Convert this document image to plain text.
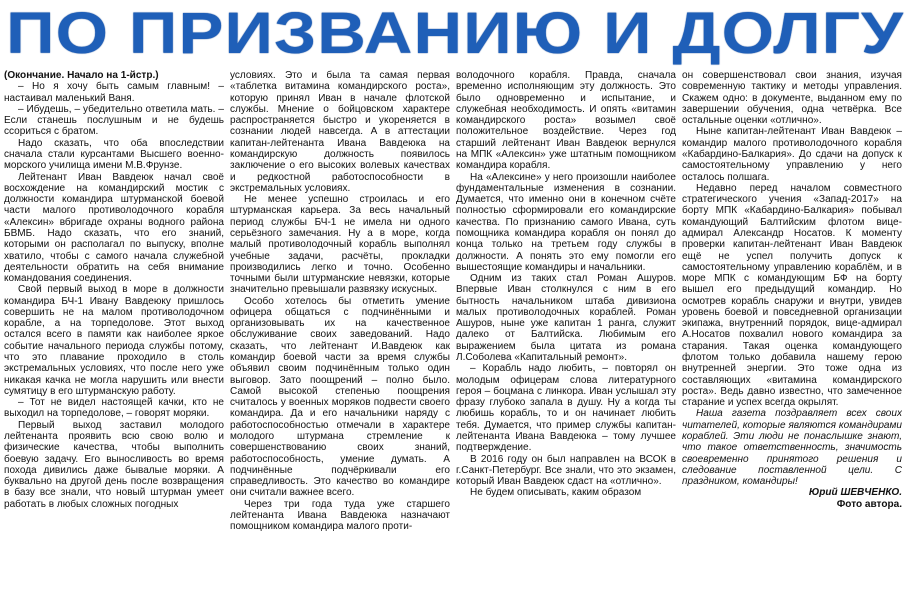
ПО ПРИЗВАНИЮ И ДОЛГУ

(Окончание. Начало на 1-йстр.)

– Но я хочу быть самым главным! – настаивал маленький Ваня.

– Ибудешь, – убедительно ответила мать. – Если станешь послушным и не будешь ссориться с братом.

Надо сказать, что оба впоследствии сначала стали курсантами Высшего военно-морского училища имени М.В.Фрунзе.

Лейтенант Иван Вавдеюк начал своё восхождение на командирский мостик с должности командира штурманской боевой части малого противолодочного корабля «Алексин» вбригаде охраны водного района БВМБ. Надо сказать, что его знаний, которыми он располагал по выпуску, вполне хватило, чтобы с самого начала служебной деятельности обратить на себя внимание командования соединения.

Свой первый выход в море в должности командира БЧ-1 Ивану Вавдеюку пришлось совершить не на малом противолодочном корабле, а на торпедоловe. Этот выход остался всего в памяти как наиболее яркое событие начального периода службы потому, что это плавание проходило в столь экстремальных условиях, что после него уже никакая качка не могла нарушить или внести сумятицу в его штурманскую работу.

– Тот не видел настоящей качки, кто не выходил на торпедолове, – говорят моряки.

Первый выход заставил молодого лейтенанта проявить всю свою волю и физические качества, чтобы выполнить боевую задачу. Его выносливость во время похода дивились даже бывалые моряки. А буквально на другой день после возвращения в базу все знали, что новый штурман умеет работать в любых сложных погодных

условиях. Это и была та самая первая «таблетка витамина командирского роста», которую принял Иван в начале флотской службы. Мнение о бойцовском характере распространяется быстро и укореняется в сознании людей навсегда. А в аттестации капитан-лейтенанта Ивана Вавдеюка на командирскую должность появилось заключение о его высоких волевых качествах и редкостной работоспособности в экстремальных условиях.

Не менее успешно строилась и его штурманская карьера. За весь начальный период службы БЧ-1 не имела ни одного серьёзного замечания. Ну а в море, когда малый противолодочный корабль выполнял учебные задачи, расчёты, прокладки производились легко и точно. Особенно точными были штурманские невязки, которые значительно превышали развязку искусных.

Особо хотелось бы отметить умение офицера общаться с подчинёнными и организовывать их на качественное обслуживание своих заведований. Надо сказать, что лейтенант И.Вавдеюк как командир боевой части за время службы объявил своим подчинённым только один выговор. Зато поощрений – полно было. Самой высокой степенью поощрения считалось у военных моряков подвести своего командира. Да и его начальники наряду с работоспособностью отмечали в характере молодого штурмана стремление к совершенствованию своих знаний, работоспособность, умение думать. А подчинённые подчёркивали его справедливость. Это качество во командире они считали важнее всего.

Через три года туда уже старшего лейтенанта Ивана Вавдеюка назначают помощником командира малого проти-

володочного корабля. Правда, сначала временно исполняющим эту должность. Это было одновременно и испытание, и служебная необходимость. И опять «витамин командирского роста» возымел своё положительное воздействие. Через год старший лейтенант Иван Вавдеюк вернулся на МПК «Алексин» уже штатным помощником командира корабля.

На «Алексине» у него произошли наиболее фундаментальные изменения в сознании. Думается, что именно они в конечном счёте полностью сформировали его командирские качества. По признанию самого Ивана, суть помощника командира корабля он понял до конца только на третьем году службы в должности. А понять это ему помогли его вышестоящие командиры и начальники.

Одним из таких стал Роман Ашуров. Впервые Иван столкнулся с ним в его бытность начальником штаба дивизиона малых противолодочных кораблей. Роман Ашуров, ныне уже капитан 1 ранга, служит далеко от Балтийска. Любимым его выражением была цитата из романа Л.Соболева «Капитальный ремонт».

– Корабль надо любить, – повторял он молодым офицерам слова литературного героя – боцмана с линкора. Иван услышал эту фразу глубоко запала в душу. Ну а когда ты любишь корабль, то и он начинает любить тебя. Думается, что пример службы капитан-лейтенанта Ивана Вавдеюка – тому лучшее подтверждение.

В 2016 году он был направлен на ВСОК в г.Санкт-Петербург. Все знали, что это экзамен, который Иван Вавдеюк сдаст на «отлично».

Не будем описывать, каким образом

он совершенствовал свои знания, изучая современную тактику и методы управления. Скажем одно: в документе, выданном ему по завершении обучения, одна четвёрка. Все остальные оценки «отлично».

Ныне капитан-лейтенант Иван Вавдеюк – командир малого противолодочного корабля «Кабардино-Балкария». До сдачи на допуск к самостоятельному управлению у него осталось полшага.

Недавно перед началом совместного стратегического учения «Запад-2017» на борту МПК «Кабардино-Балкария» побывал командующий Балтийским флотом вице-адмирал Александр Носатов. К моменту проверки капитан-лейтенант Иван Вавдеюк ещё не успел получить допуск к самостоятельному управлению кораблём, и в море МПК с командующим БФ на борту вышел его предыдущий командир. Но осмотрев корабль снаружи и внутри, увидев уровень боевой и повседневной организации экипажа, внутренний порядок, вице-адмирал А.Носатов похвалил нового командира за старания. Такая оценка командующего флотом только добавила нашему герою внутренней энергии. Это тоже одна из составляющих «витамина командирского роста». Ведь давно известно, что замеченное старание и успех всегда окрылят.

Наша газета поздравляет всех своих читателей, которые являются командирами кораблей. Эти люди не понаслышке знают, что такое ответственность, значимость своевременно принятого решения и следование поставленной цели. С праздником, командиры!

Юрий ШЕВЧЕНКО.

Фото автора.
